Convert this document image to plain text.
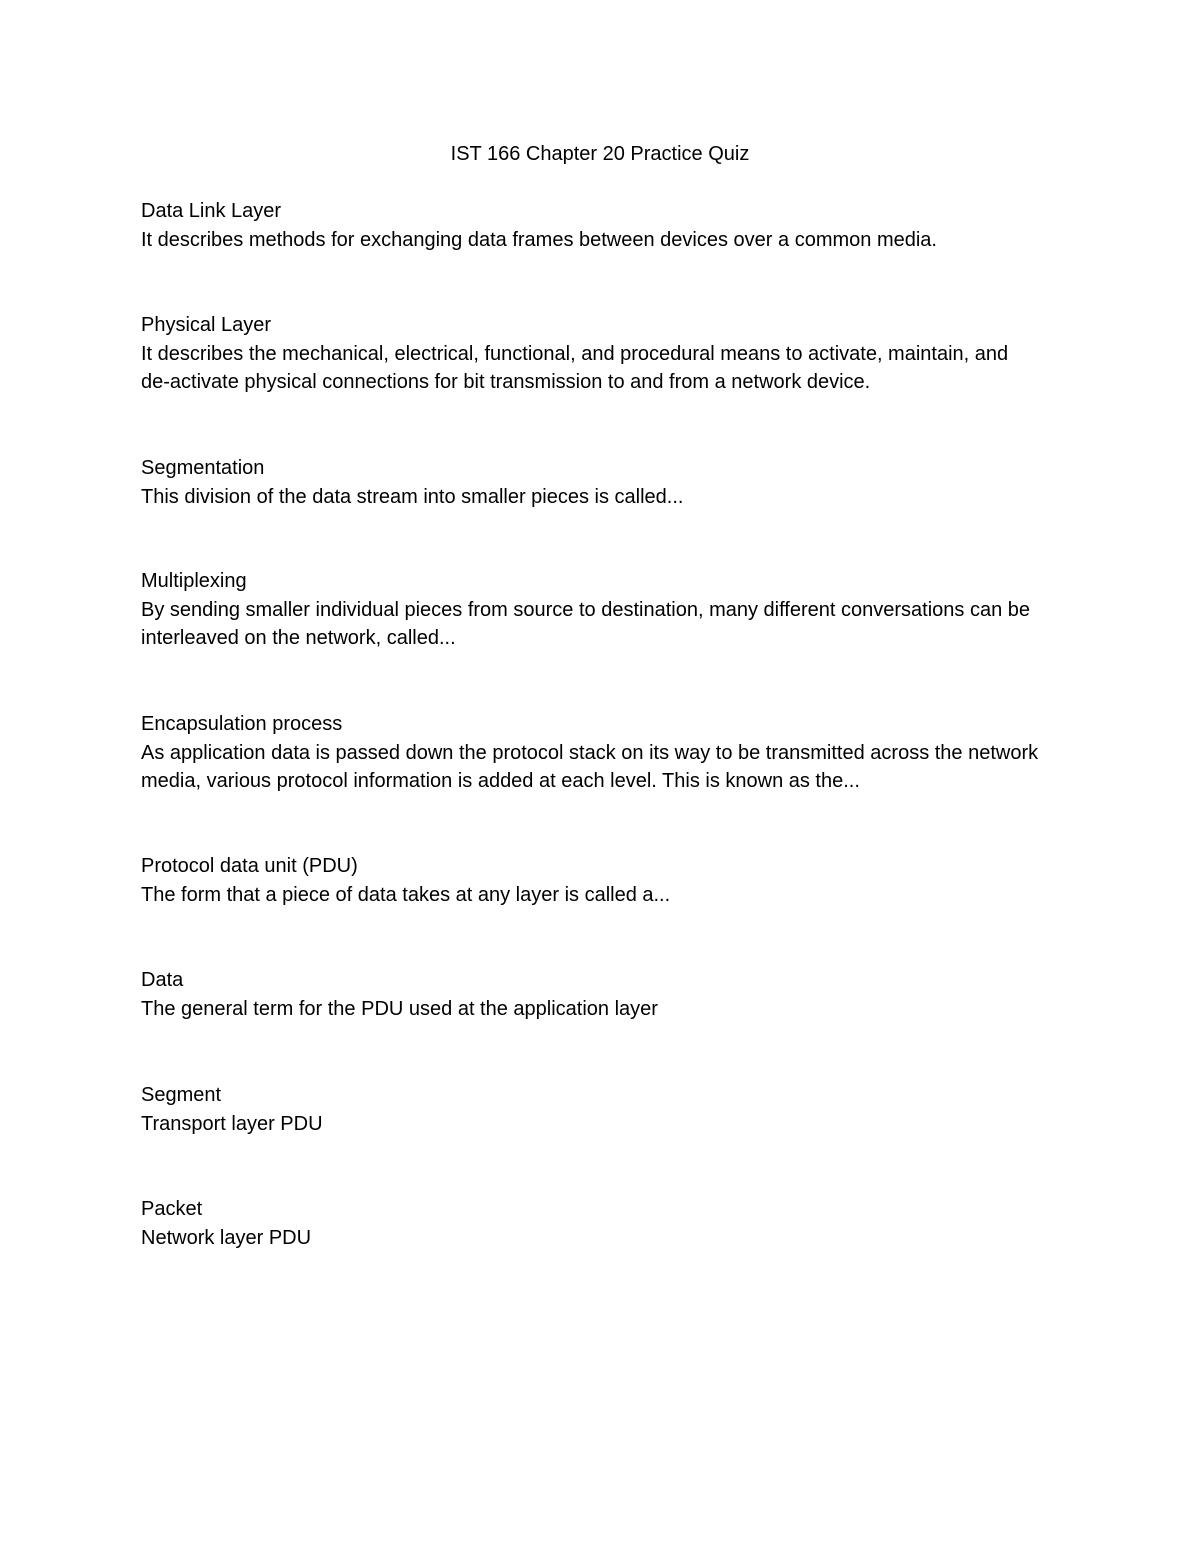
IST 166 Chapter 20 Practice Quiz

Data Link Layer

It describes methods for exchanging data frames between devices over a common media.

Physical Layer

It describes the mechanical, electrical, functional, and procedural means to activate, maintain, and de-activate physical connections for bit transmission to and from a network device.

Segmentation

This division of the data stream into smaller pieces is called...

Multiplexing

By sending smaller individual pieces from source to destination, many different conversations can be interleaved on the network, called...

Encapsulation process

As application data is passed down the protocol stack on its way to be transmitted across the network media, various protocol information is added at each level. This is known as the...

Protocol data unit (PDU)

The form that a piece of data takes at any layer is called a...

Data

The general term for the PDU used at the application layer

Segment

Transport layer PDU

Packet

Network layer PDU
